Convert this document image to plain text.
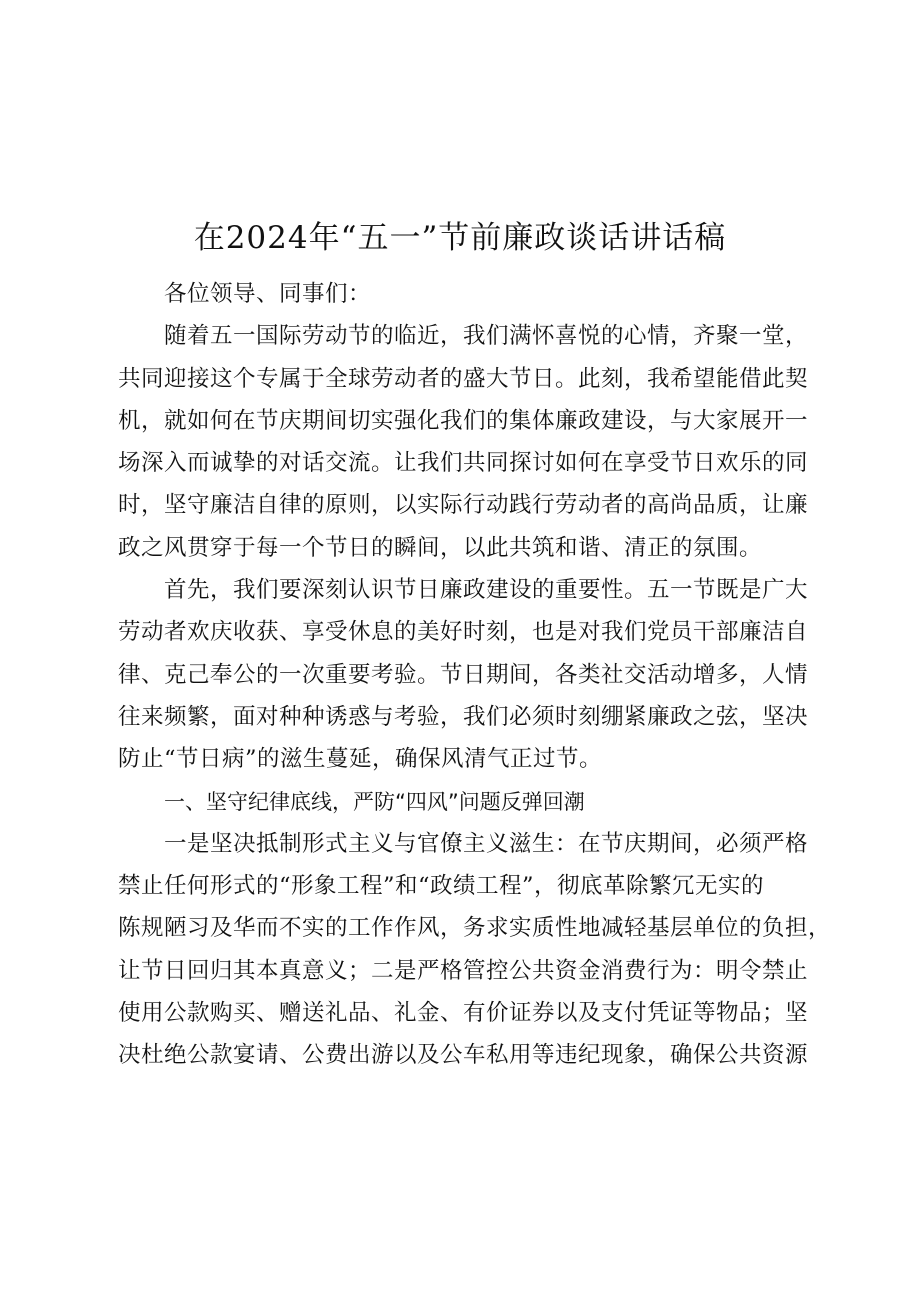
在2024年“五一”节前廉政谈话讲话稿
各位领导、同事们：
随着五一国际劳动节的临近，我们满怀喜悦的心情，齐聚一堂，
共同迎接这个专属于全球劳动者的盛大节日。此刻，我希望能借此契
机，就如何在节庆期间切实强化我们的集体廉政建设，与大家展开一
场深入而诚挚的对话交流。让我们共同探讨如何在享受节日欢乐的同
时，坚守廉洁自律的原则，以实际行动践行劳动者的高尚品质，让廉
政之风贯穿于每一个节日的瞬间，以此共筑和谐、清正的氛围。
首先，我们要深刻认识节日廉政建设的重要性。五一节既是广大
劳动者欢庆收获、享受休息的美好时刻，也是对我们党员干部廉洁自
律、克己奉公的一次重要考验。节日期间，各类社交活动增多，人情
往来频繁，面对种种诱惑与考验，我们必须时刻绷紧廉政之弦，坚决
防止“节日病”的滋生蔓延，确保风清气正过节。
一、坚守纪律底线，严防“四风”问题反弹回潮
一是坚决抵制形式主义与官僚主义滋生：在节庆期间，必须严格
禁止任何形式的“形象工程”和“政绩工程”，彻底革除繁冗无实的
陈规陋习及华而不实的工作作风，务求实质性地减轻基层单位的负担，
让节日回归其本真意义；二是严格管控公共资金消费行为：明令禁止
使用公款购买、赠送礼品、礼金、有价证券以及支付凭证等物品；坚
决杜绝公款宴请、公费出游以及公车私用等违纪现象，确保公共资源
